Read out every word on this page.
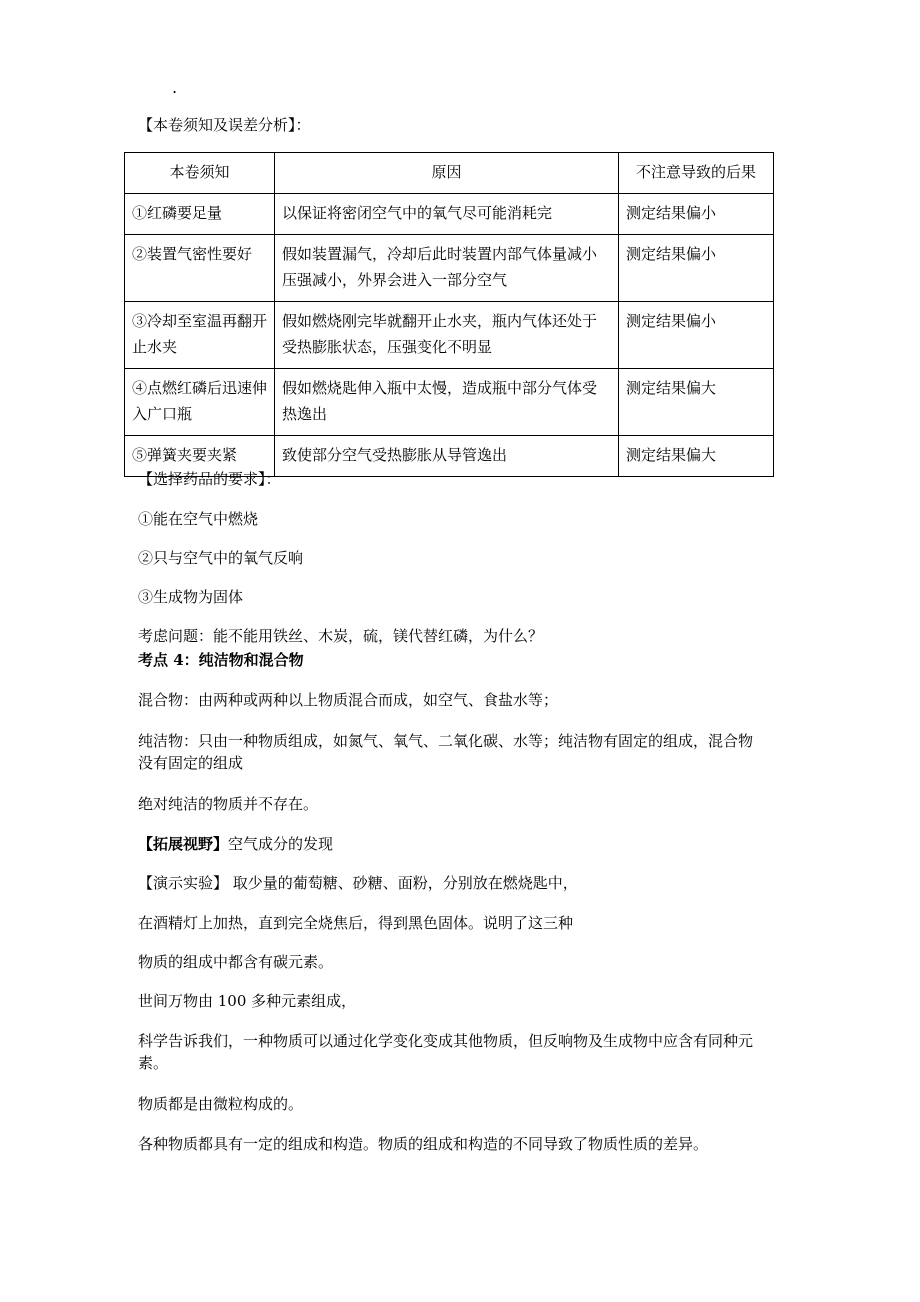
.
【本卷须知及误差分析】：
本卷须知	原因	不注意导致的后果
①红磷要足量	以保证将密闭空气中的氧气尽可能消耗完	测定结果偏小
②装置气密性要好	假如装置漏气，冷却后此时装置内部气体量减小压强减小，外界会进入一部分空气	测定结果偏小
③冷却至室温再翻开止水夹	假如燃烧刚完毕就翻开止水夹，瓶内气体还处于受热膨胀状态，压强变化不明显	测定结果偏小
④点燃红磷后迅速伸入广口瓶	假如燃烧匙伸入瓶中太慢，造成瓶中部分气体受热逸出	测定结果偏大
⑤弹簧夹要夹紧	致使部分空气受热膨胀从导管逸出	测定结果偏大
【选择药品的要求】：
①能在空气中燃烧
②只与空气中的氧气反响
③生成物为固体
考虑问题：能不能用铁丝、木炭，硫，镁代替红磷，为什么？
考点 4：纯洁物和混合物
混合物：由两种或两种以上物质混合而成，如空气、食盐水等；
纯洁物：只由一种物质组成，如氮气、氧气、二氧化碳、水等；纯洁物有固定的组成，混合物没有固定的组成
绝对纯洁的物质并不存在。
【拓展视野】空气成分的发现
【演示实验】 取少量的葡萄糖、砂糖、面粉，分别放在燃烧匙中，
在酒精灯上加热，直到完全烧焦后，得到黑色固体。说明了这三种
物质的组成中都含有碳元素。
世间万物由 100 多种元素组成，
科学告诉我们，一种物质可以通过化学变化变成其他物质，但反响物及生成物中应含有同种元素。
物质都是由微粒构成的。
各种物质都具有一定的组成和构造。物质的组成和构造的不同导致了物质性质的差异。
